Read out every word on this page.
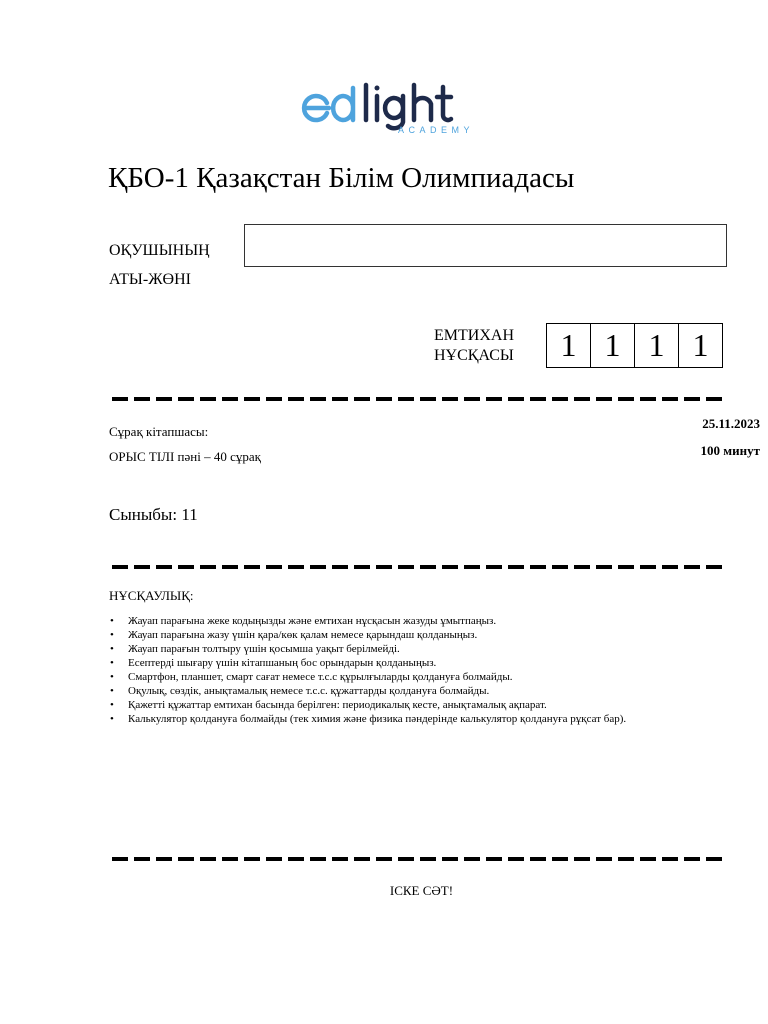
ACADEMY
ҚБО-1 Қазақстан Білім Олимпиадасы
ОҚУШЫНЫҢ
АТЫ-ЖӨНІ
ЕМТИХАН
НҰСҚАСЫ	1 1 1 1
Сұрақ кітапшасы:
ОРЫС ТІЛІ пәні – 40 сұрақ
25.11.2023
100 минут
Сыныбы: 11
НҰСҚАУЛЫҚ:
• Жауап парағына жеке кодыңызды және емтихан нұсқасын жазуды ұмытпаңыз.
• Жауап парағына жазу үшін қара/көк қалам немесе қарындаш қолданыңыз.
• Жауап парағын толтыру үшін қосымша уақыт берілмейді.
• Есептерді шығару үшін кітапшаның бос орындарын қолданыңыз.
• Смартфон, планшет, смарт сағат немесе т.с.с құрылғыларды қолдануға болмайды.
• Оқулық, сөздік, анықтамалық немесе т.с.с. құжаттарды қолдануға болмайды.
• Қажетті құжаттар емтихан басында берілген: периодикалық кесте, анықтамалық ақпарат.
• Калькулятор қолдануға болмайды (тек химия және физика пәндерінде калькулятор қолдануға рұқсат бар).
ІСКЕ СӘТ!
